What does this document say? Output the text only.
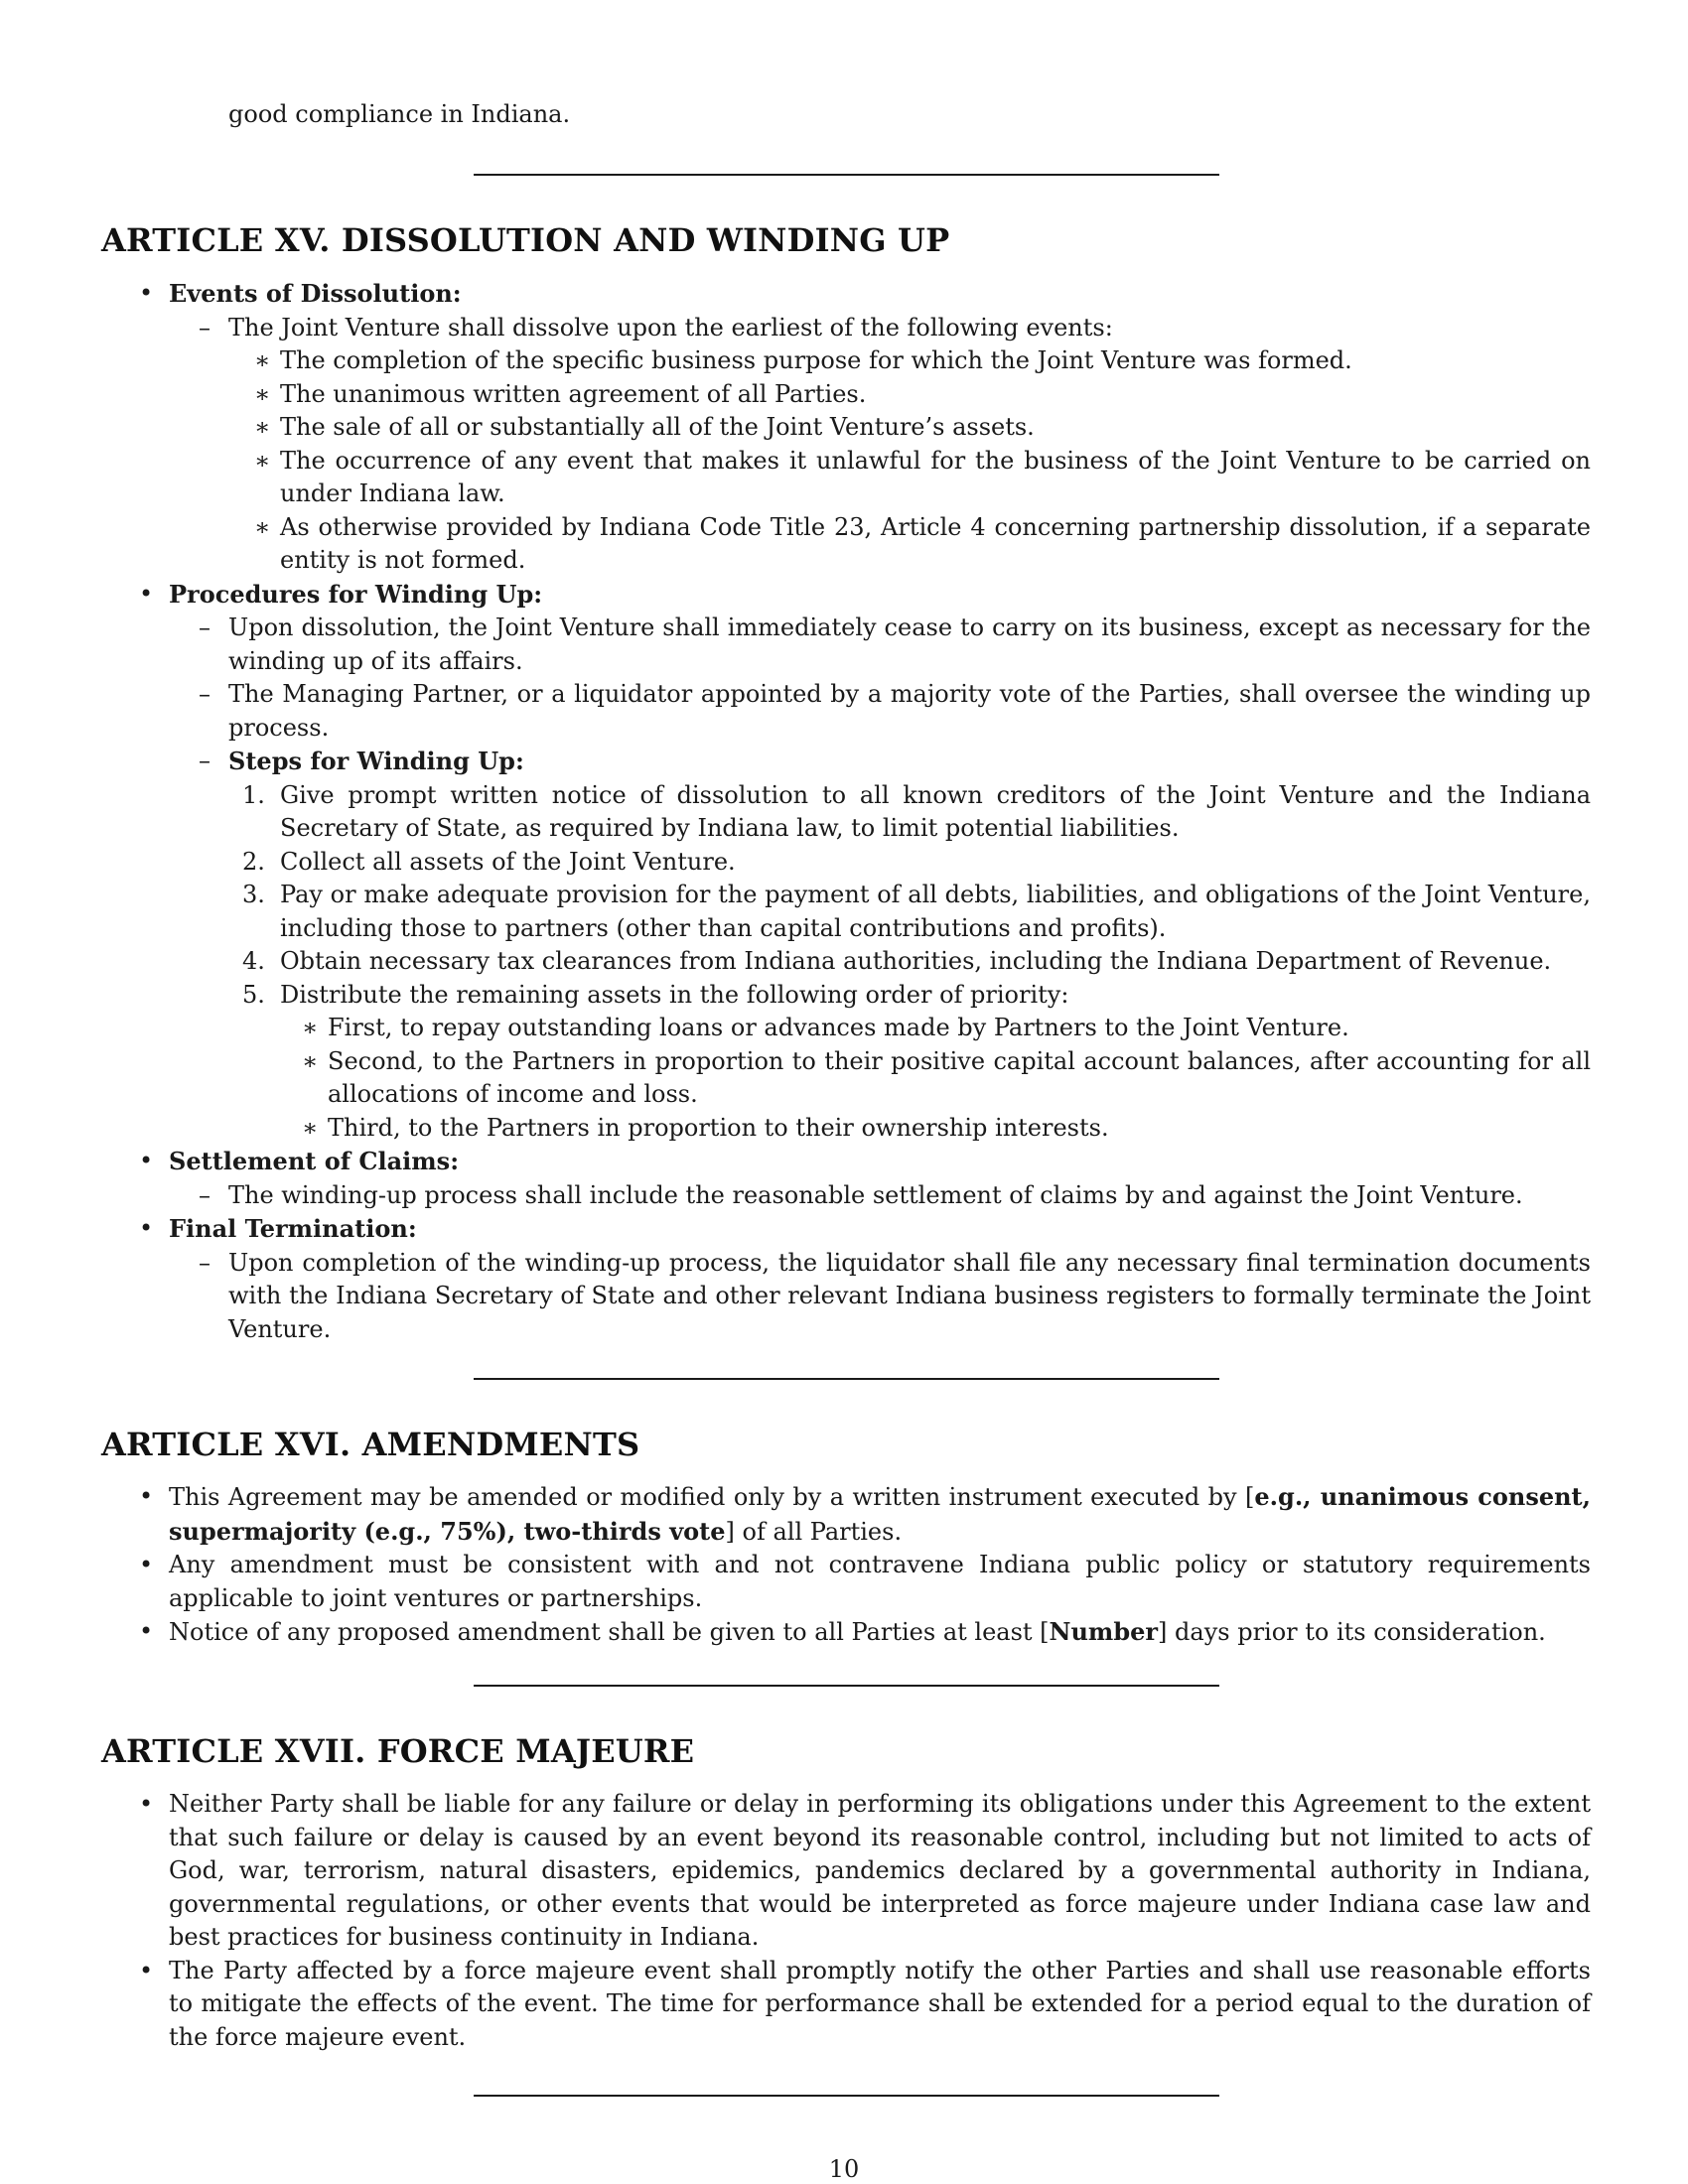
good compliance in Indiana.
ARTICLE XV. DISSOLUTION AND WINDING UP
• Events of Dissolution:
– The Joint Venture shall dissolve upon the earliest of the following events:
∗ The completion of the specific business purpose for which the Joint Venture was formed.
∗ The unanimous written agreement of all Parties.
∗ The sale of all or substantially all of the Joint Venture’s assets.
∗ The occurrence of any event that makes it unlawful for the business of the Joint Venture to be carried on under Indiana law.
∗ As otherwise provided by Indiana Code Title 23, Article 4 concerning partnership dissolution, if a separate entity is not formed.
• Procedures for Winding Up:
– Upon dissolution, the Joint Venture shall immediately cease to carry on its business, except as necessary for the winding up of its affairs.
– The Managing Partner, or a liquidator appointed by a majority vote of the Parties, shall oversee the winding up process.
– Steps for Winding Up:
1. Give prompt written notice of dissolution to all known creditors of the Joint Venture and the Indiana Secretary of State, as required by Indiana law, to limit potential liabilities.
2. Collect all assets of the Joint Venture.
3. Pay or make adequate provision for the payment of all debts, liabilities, and obligations of the Joint Venture, including those to partners (other than capital contributions and profits).
4. Obtain necessary tax clearances from Indiana authorities, including the Indiana Department of Revenue.
5. Distribute the remaining assets in the following order of priority:
∗ First, to repay outstanding loans or advances made by Partners to the Joint Venture.
∗ Second, to the Partners in proportion to their positive capital account balances, after accounting for all allocations of income and loss.
∗ Third, to the Partners in proportion to their ownership interests.
• Settlement of Claims:
– The winding-up process shall include the reasonable settlement of claims by and against the Joint Venture.
• Final Termination:
– Upon completion of the winding-up process, the liquidator shall file any necessary final termination documents with the Indiana Secretary of State and other relevant Indiana business registers to formally terminate the Joint Venture.
ARTICLE XVI. AMENDMENTS
• This Agreement may be amended or modified only by a written instrument executed by [e.g., unanimous consent, supermajority (e.g., 75%), two-thirds vote] of all Parties.
• Any amendment must be consistent with and not contravene Indiana public policy or statutory requirements applicable to joint ventures or partnerships.
• Notice of any proposed amendment shall be given to all Parties at least [Number] days prior to its consideration.
ARTICLE XVII. FORCE MAJEURE
• Neither Party shall be liable for any failure or delay in performing its obligations under this Agreement to the extent that such failure or delay is caused by an event beyond its reasonable control, including but not limited to acts of God, war, terrorism, natural disasters, epidemics, pandemics declared by a governmental authority in Indiana, governmental regulations, or other events that would be interpreted as force majeure under Indiana case law and best practices for business continuity in Indiana.
• The Party affected by a force majeure event shall promptly notify the other Parties and shall use reasonable efforts to mitigate the effects of the event. The time for performance shall be extended for a period equal to the duration of the force majeure event.
10
